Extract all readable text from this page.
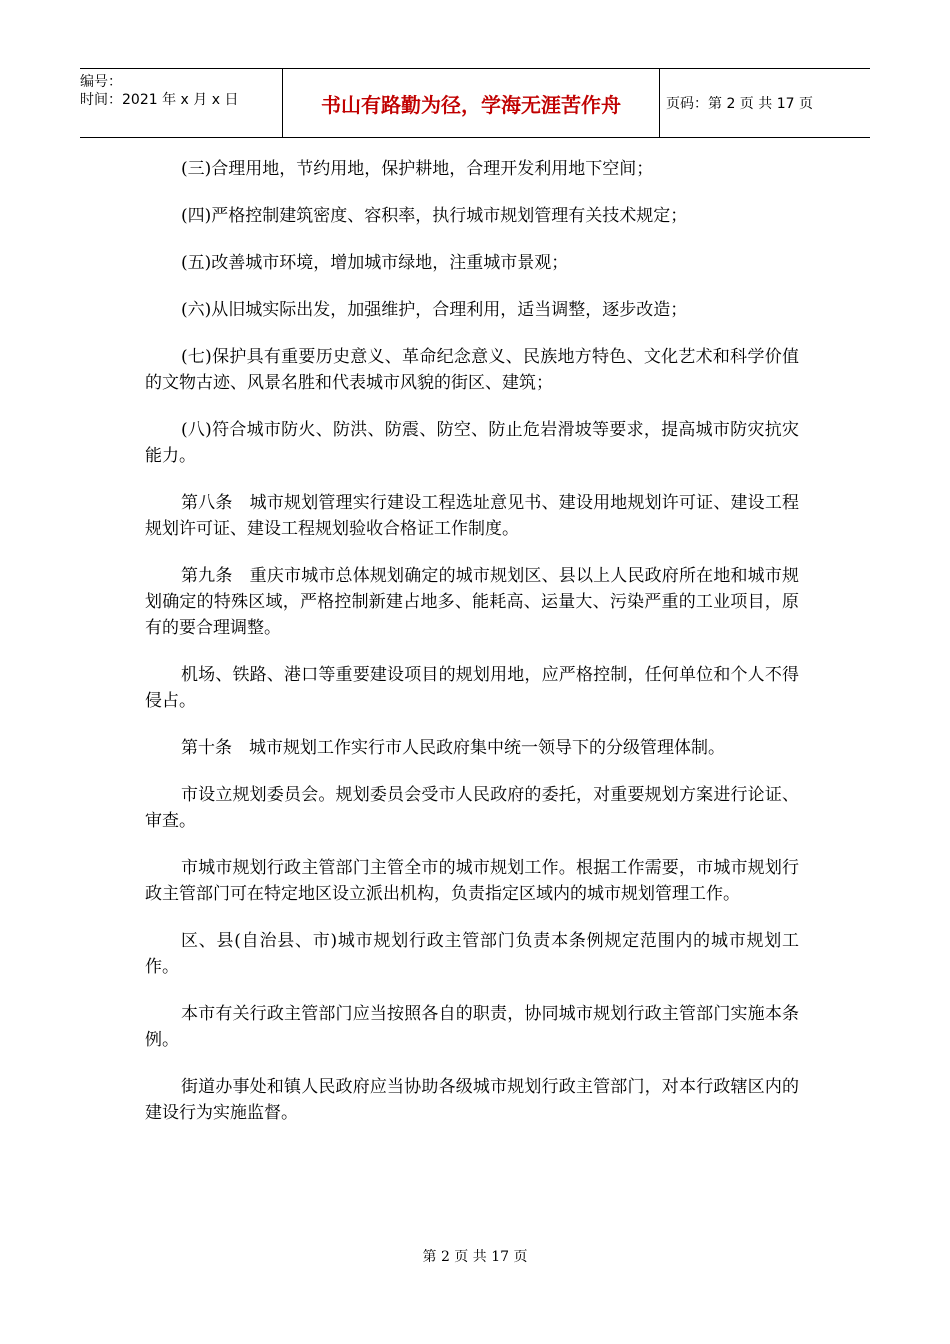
编号：
时间：2021 年 x 月 x 日	书山有路勤为径，学海无涯苦作舟	页码：第 2 页 共 17 页

(三)合理用地，节约用地，保护耕地，合理开发利用地下空间；

(四)严格控制建筑密度、容积率，执行城市规划管理有关技术规定；

(五)改善城市环境，增加城市绿地，注重城市景观；

(六)从旧城实际出发，加强维护，合理利用，适当调整，逐步改造；

(七)保护具有重要历史意义、革命纪念意义、民族地方特色、文化艺术和科学价值的文物古迹、风景名胜和代表城市风貌的街区、建筑；

(八)符合城市防火、防洪、防震、防空、防止危岩滑坡等要求，提高城市防灾抗灾能力。

第八条　城市规划管理实行建设工程选址意见书、建设用地规划许可证、建设工程规划许可证、建设工程规划验收合格证工作制度。

第九条　重庆市城市总体规划确定的城市规划区、县以上人民政府所在地和城市规划确定的特殊区域，严格控制新建占地多、能耗高、运量大、污染严重的工业项目，原有的要合理调整。

机场、铁路、港口等重要建设项目的规划用地，应严格控制，任何单位和个人不得侵占。

第十条　城市规划工作实行市人民政府集中统一领导下的分级管理体制。

市设立规划委员会。规划委员会受市人民政府的委托，对重要规划方案进行论证、审查。

市城市规划行政主管部门主管全市的城市规划工作。根据工作需要，市城市规划行政主管部门可在特定地区设立派出机构，负责指定区域内的城市规划管理工作。

区、县(自治县、市)城市规划行政主管部门负责本条例规定范围内的城市规划工作。

本市有关行政主管部门应当按照各自的职责，协同城市规划行政主管部门实施本条例。

街道办事处和镇人民政府应当协助各级城市规划行政主管部门，对本行政辖区内的建设行为实施监督。

第 2 页 共 17 页
